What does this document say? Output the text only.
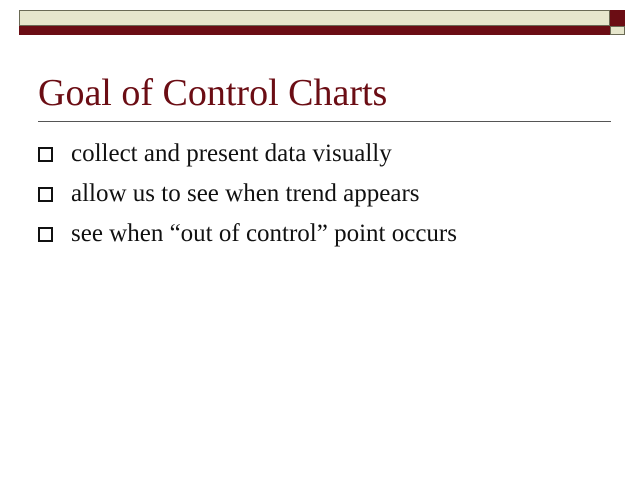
Goal of Control Charts
collect and present data visually
allow us to see when trend appears
see when “out of control” point occurs
